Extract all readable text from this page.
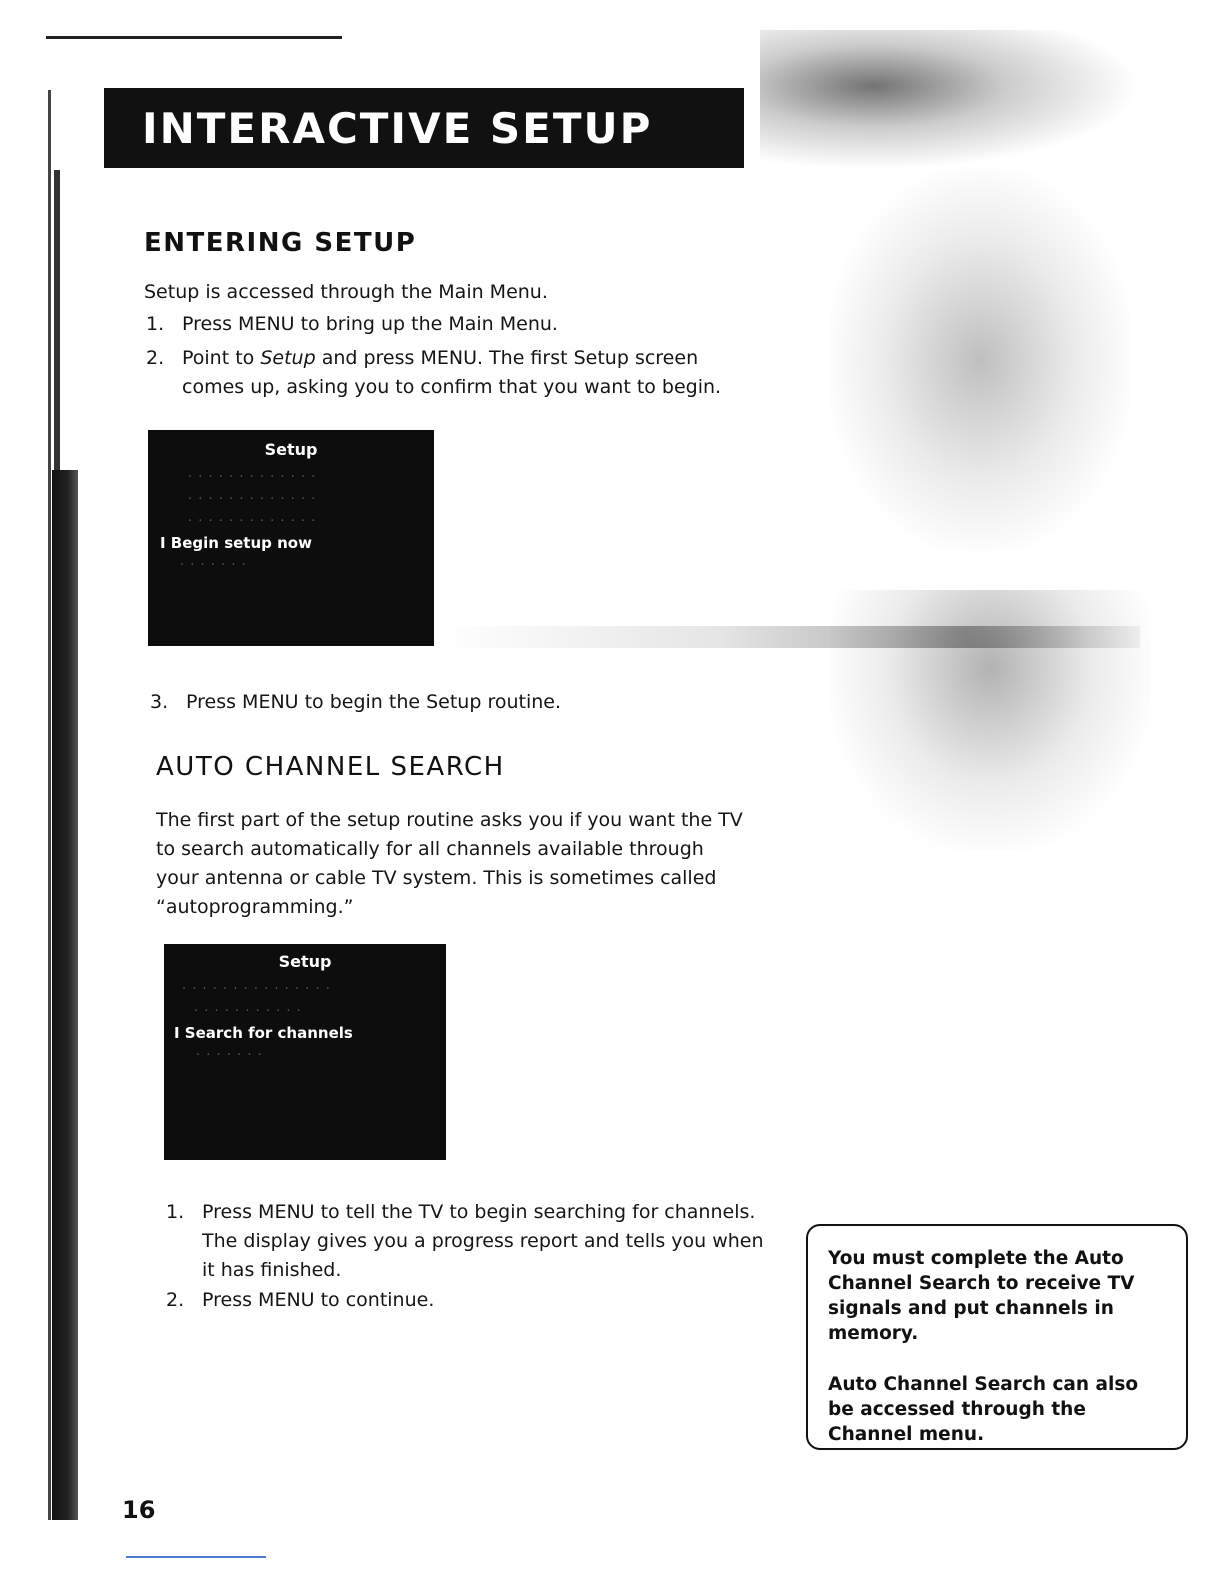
INTERACTIVE SETUP
ENTERING SETUP
Setup is accessed through the Main Menu.
1. Press MENU to bring up the Main Menu.
2. Point to Setup and press MENU. The first Setup screen
comes up, asking you to confirm that you want to begin.
Setup
· · · · · · · · · · · · ·
· · · · · · · · · · · · ·
· · · · · · · · · · · · ·
I Begin setup now
· · · · · · ·
3. Press MENU to begin the Setup routine.
AUTO CHANNEL SEARCH
The first part of the setup routine asks you if you want the TV
to search automatically for all channels available through
your antenna or cable TV system. This is sometimes called
“autoprogramming.”
Setup
· · · · · · · · · · · · · · ·
· · · · · · · · · · ·
I Search for channels
· · · · · · ·
1. Press MENU to tell the TV to begin searching for channels.
The display gives you a progress report and tells you when
it has finished.
2. Press MENU to continue.

You must complete the Auto Channel Search to receive TV signals and put channels in memory.

Auto Channel Search can also be accessed through the Channel menu.

16
